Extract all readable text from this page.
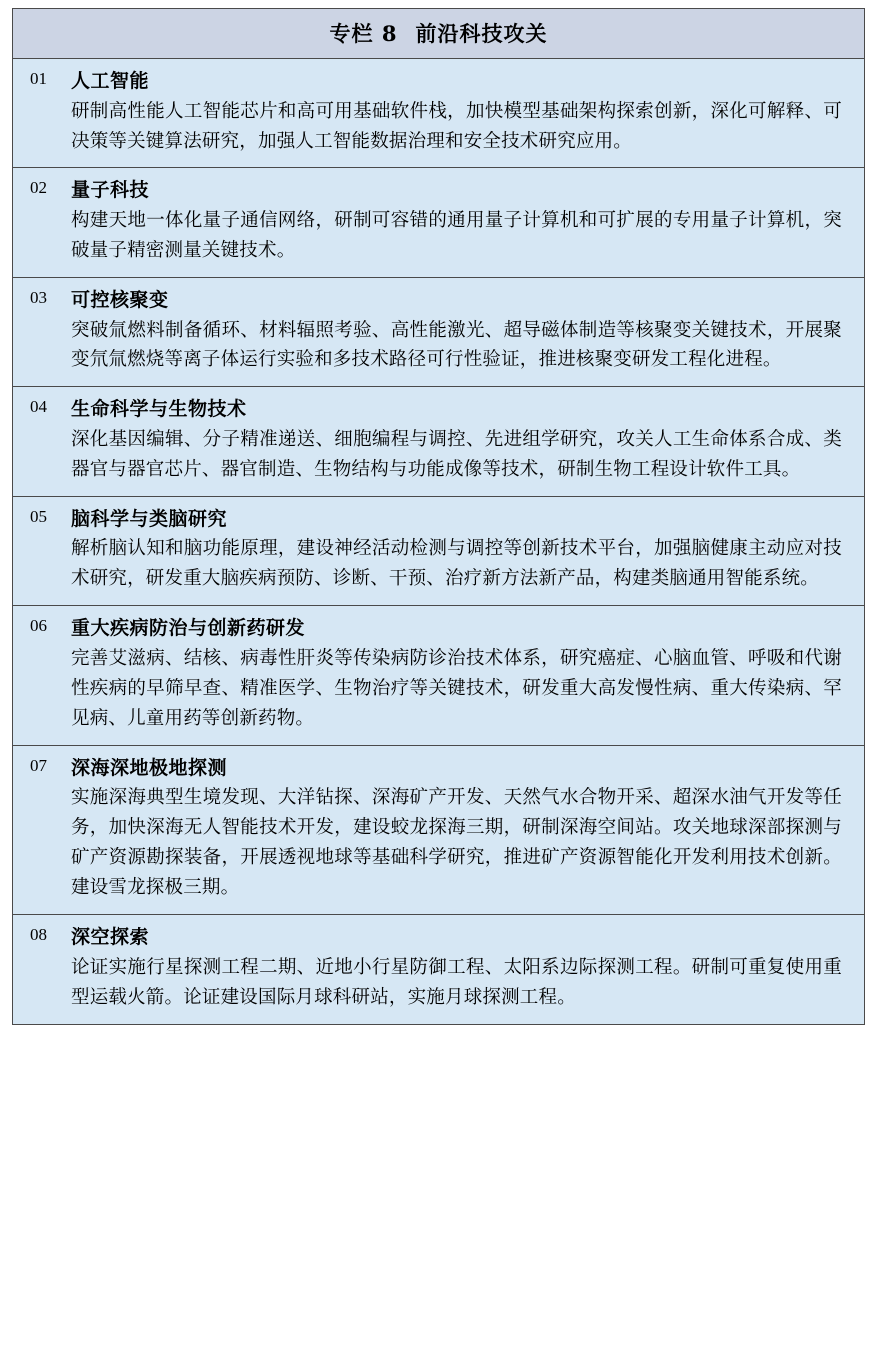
专栏 8 前沿科技攻关
01	人工智能

研制高性能人工智能芯片和高可用基础软件栈，加快模型基础架构探索创新，深化可解释、可决策等关键算法研究，加强人工智能数据治理和安全技术研究应用。

02	量子科技

构建天地一体化量子通信网络，研制可容错的通用量子计算机和可扩展的专用量子计算机，突破量子精密测量关键技术。

03	可控核聚变

突破氚燃料制备循环、材料辐照考验、高性能激光、超导磁体制造等核聚变关键技术，开展聚变氘氚燃烧等离子体运行实验和多技术路径可行性验证，推进核聚变研发工程化进程。

04	生命科学与生物技术

深化基因编辑、分子精准递送、细胞编程与调控、先进组学研究，攻关人工生命体系合成、类器官与器官芯片、器官制造、生物结构与功能成像等技术，研制生物工程设计软件工具。

05	脑科学与类脑研究

解析脑认知和脑功能原理，建设神经活动检测与调控等创新技术平台，加强脑健康主动应对技术研究，研发重大脑疾病预防、诊断、干预、治疗新方法新产品，构建类脑通用智能系统。

06	重大疾病防治与创新药研发

完善艾滋病、结核、病毒性肝炎等传染病防诊治技术体系，研究癌症、心脑血管、呼吸和代谢性疾病的早筛早查、精准医学、生物治疗等关键技术，研发重大高发慢性病、重大传染病、罕见病、儿童用药等创新药物。

07	深海深地极地探测

实施深海典型生境发现、大洋钻探、深海矿产开发、天然气水合物开采、超深水油气开发等任务，加快深海无人智能技术开发，建设蛟龙探海三期，研制深海空间站。攻关地球深部探测与矿产资源勘探装备，开展透视地球等基础科学研究，推进矿产资源智能化开发利用技术创新。建设雪龙探极三期。

08	深空探索

论证实施行星探测工程二期、近地小行星防御工程、太阳系边际探测工程。研制可重复使用重型运载火箭。论证建设国际月球科研站，实施月球探测工程。
